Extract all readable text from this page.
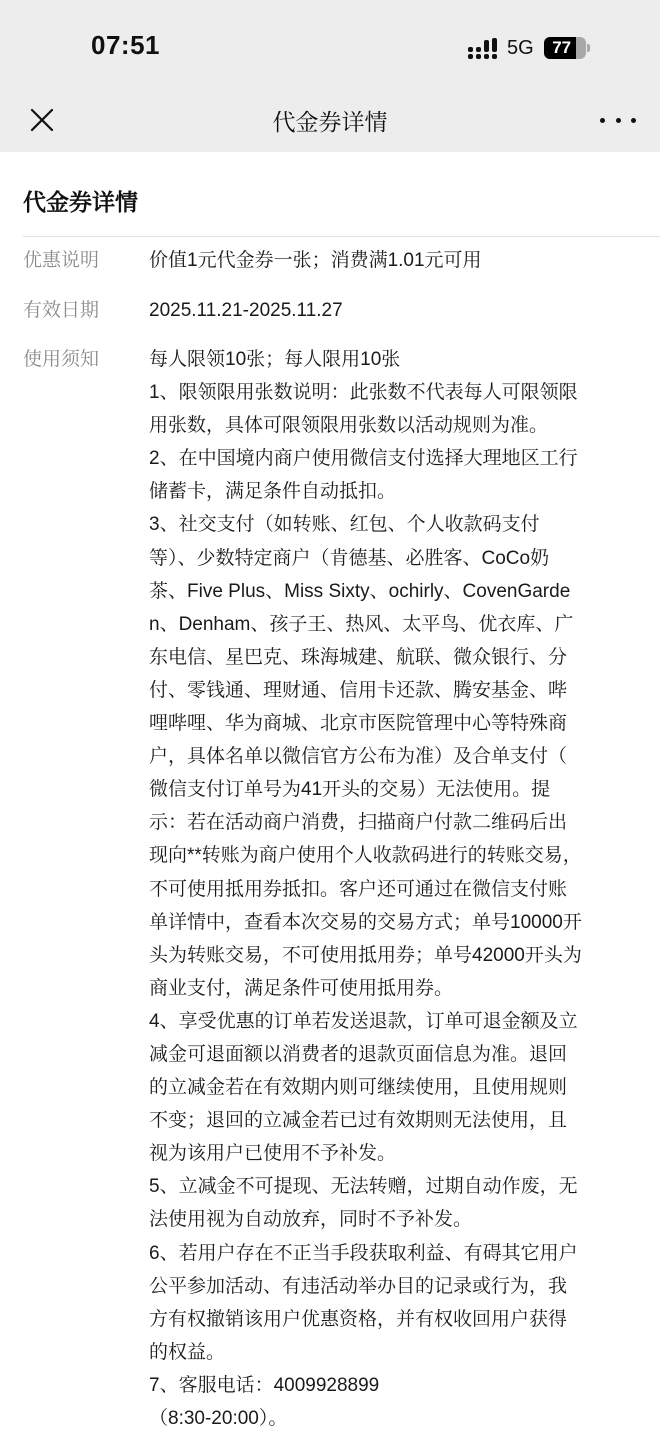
07:51	5G	77
代金券详情
代金券详情
优惠说明	价值1元代金券一张；消费满1.01元可用
有效日期	2025.11.21-2025.11.27
使用须知	每人限领10张；每人限用10张
1、限领限用张数说明：此张数不代表每人可限领限
用张数，具体可限领限用张数以活动规则为准。
2、在中国境内商户使用微信支付选择大理地区工行
储蓄卡，满足条件自动抵扣。
3、社交支付（如转账、红包、个人收款码支付
等）、少数特定商户（肯德基、必胜客、CoCo奶
茶、Five Plus、Miss Sixty、ochirly、CovenGarde
n、Denham、孩子王、热风、太平鸟、优衣库、广
东电信、星巴克、珠海城建、航联、微众银行、分
付、零钱通、理财通、信用卡还款、腾安基金、哔
哩哔哩、华为商城、北京市医院管理中心等特殊商
户，具体名单以微信官方公布为准）及合单支付（
微信支付订单号为41开头的交易）无法使用。提
示：若在活动商户消费，扫描商户付款二维码后出
现向**转账为商户使用个人收款码进行的转账交易，
不可使用抵用券抵扣。客户还可通过在微信支付账
单详情中，查看本次交易的交易方式；单号10000开
头为转账交易，不可使用抵用券；单号42000开头为
商业支付，满足条件可使用抵用券。
4、享受优惠的订单若发送退款，订单可退金额及立
减金可退面额以消费者的退款页面信息为准。退回
的立减金若在有效期内则可继续使用，且使用规则
不变；退回的立减金若已过有效期则无法使用，且
视为该用户已使用不予补发。
5、立减金不可提现、无法转赠，过期自动作废，无
法使用视为自动放弃，同时不予补发。
6、若用户存在不正当手段获取利益、有碍其它用户
公平参加活动、有违活动举办目的记录或行为，我
方有权撤销该用户优惠资格，并有权收回用户获得
的权益。
7、客服电话：4009928899
（8:30-20:00）。
